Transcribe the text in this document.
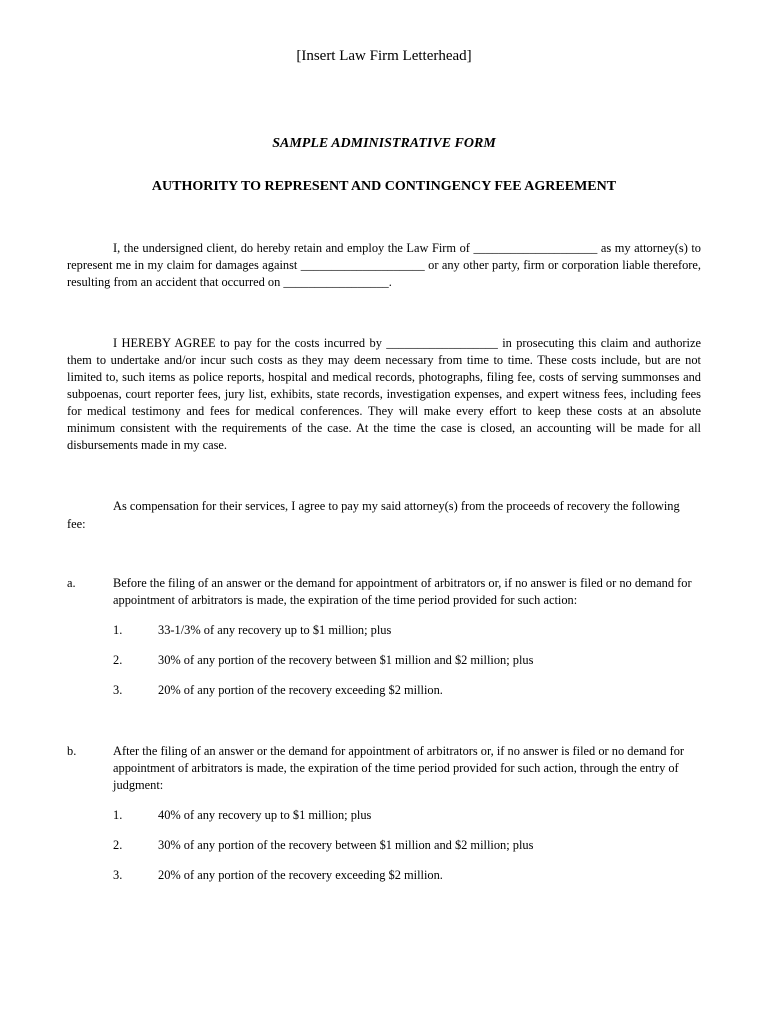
[Insert Law Firm Letterhead]

SAMPLE ADMINISTRATIVE FORM

AUTHORITY TO REPRESENT AND CONTINGENCY FEE AGREEMENT

I, the undersigned client, do hereby retain and employ the Law Firm of ____________________ as my attorney(s) to represent me in my claim for damages against ____________________ or any other party, firm or corporation liable therefore, resulting from an accident that occurred on _________________.

I HEREBY AGREE to pay for the costs incurred by __________________ in prosecuting this claim and authorize them to undertake and/or incur such costs as they may deem necessary from time to time. These costs include, but are not limited to, such items as police reports, hospital and medical records, photographs, filing fee, costs of serving summonses and subpoenas, court reporter fees, jury list, exhibits, state records, investigation expenses, and expert witness fees, including fees for medical testimony and fees for medical conferences. They will make every effort to keep these costs at an absolute minimum consistent with the requirements of the case. At the time the case is closed, an accounting will be made for all disbursements made in my case.

As compensation for their services, I agree to pay my said attorney(s) from the proceeds of recovery the following

fee:

a.	Before the filing of an answer or the demand for appointment of arbitrators or, if no answer is filed or no demand for appointment of arbitrators is made, the expiration of the time period provided for such action:

1.	33-1/3% of any recovery up to $1 million; plus

2.	30% of any portion of the recovery between $1 million and $2 million; plus

3.	20% of any portion of the recovery exceeding $2 million.

b.	After the filing of an answer or the demand for appointment of arbitrators or, if no answer is filed or no demand for appointment of arbitrators is made, the expiration of the time period provided for such action, through the entry of judgment:

1.	40% of any recovery up to $1 million; plus

2.	30% of any portion of the recovery between $1 million and $2 million; plus

3.	20% of any portion of the recovery exceeding $2 million.
